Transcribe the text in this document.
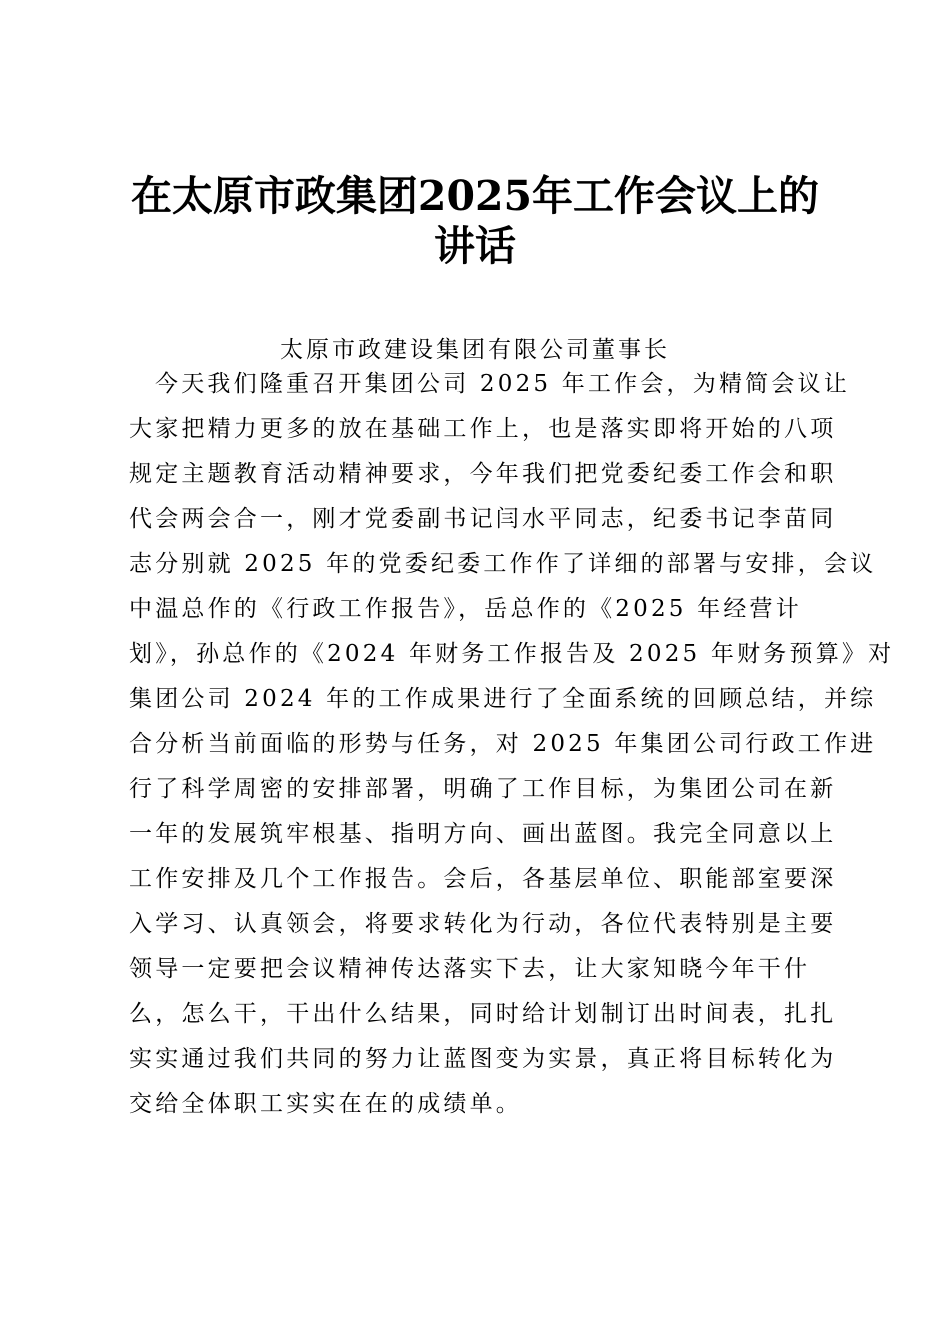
在太原市政集团2025年工作会议上的
讲话
太原市政建设集团有限公司董事长
今天我们隆重召开集团公司 2025 年工作会，为精简会议让
大家把精力更多的放在基础工作上，也是落实即将开始的八项
规定主题教育活动精神要求，今年我们把党委纪委工作会和职
代会两会合一，刚才党委副书记闫水平同志，纪委书记李苗同
志分别就 2025 年的党委纪委工作作了详细的部署与安排，会议
中温总作的《行政工作报告》，岳总作的《2025 年经营计
划》，孙总作的《2024 年财务工作报告及 2025 年财务预算》对
集团公司 2024 年的工作成果进行了全面系统的回顾总结，并综
合分析当前面临的形势与任务，对 2025 年集团公司行政工作进
行了科学周密的安排部署，明确了工作目标，为集团公司在新
一年的发展筑牢根基、指明方向、画出蓝图。我完全同意以上
工作安排及几个工作报告。会后，各基层单位、职能部室要深
入学习、认真领会，将要求转化为行动，各位代表特别是主要
领导一定要把会议精神传达落实下去，让大家知晓今年干什
么，怎么干，干出什么结果，同时给计划制订出时间表，扎扎
实实通过我们共同的努力让蓝图变为实景，真正将目标转化为
交给全体职工实实在在的成绩单。
